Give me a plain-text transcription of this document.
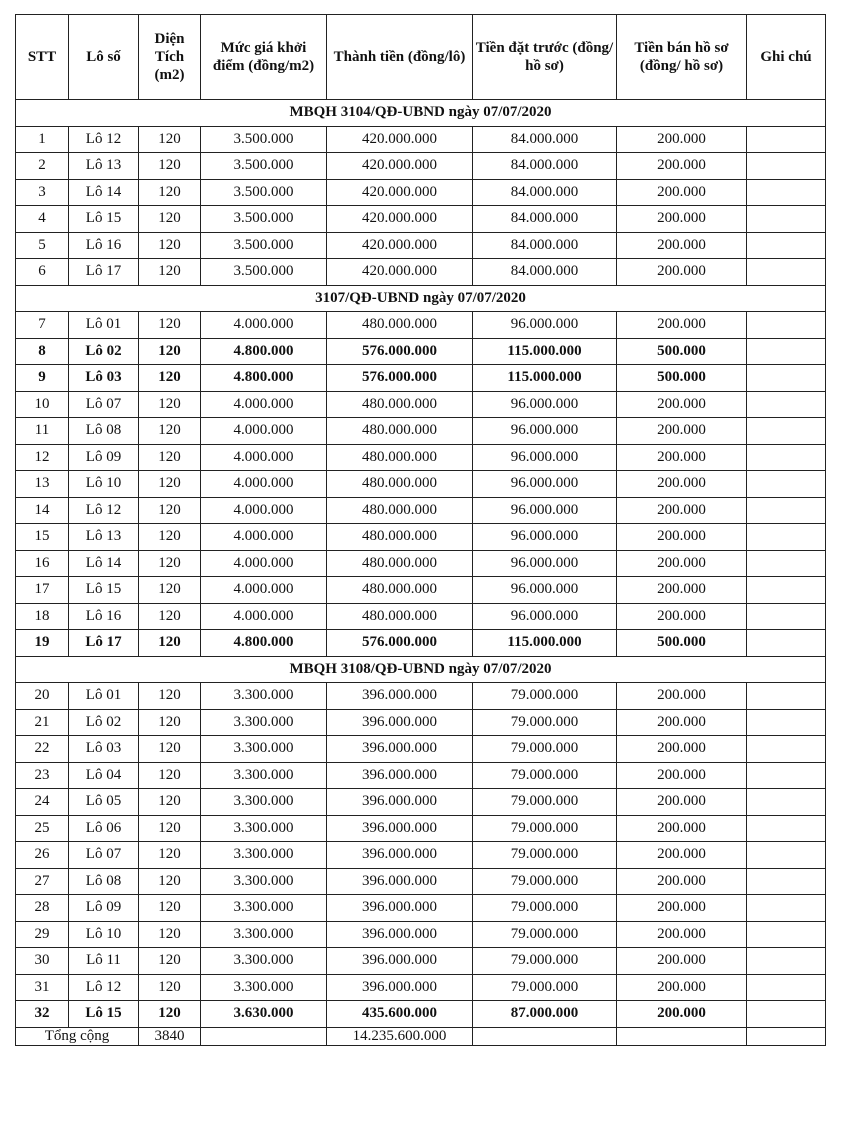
STT	Lô số	Diện Tích (m2)	Mức giá khởi điểm (đồng/m2)	Thành tiền (đồng/lô)	Tiền đặt trước (đồng/ hồ sơ)	Tiền bán hồ sơ (đồng/ hồ sơ)	Ghi chú
MBQH 3104/QĐ-UBND ngày 07/07/2020							
1	Lô 12	120	3.500.000	420.000.000	84.000.000	200.000	
2	Lô 13	120	3.500.000	420.000.000	84.000.000	200.000	
3	Lô 14	120	3.500.000	420.000.000	84.000.000	200.000	
4	Lô 15	120	3.500.000	420.000.000	84.000.000	200.000	
5	Lô 16	120	3.500.000	420.000.000	84.000.000	200.000	
6	Lô 17	120	3.500.000	420.000.000	84.000.000	200.000	
3107/QĐ-UBND ngày 07/07/2020							
7	Lô 01	120	4.000.000	480.000.000	96.000.000	200.000	
8	Lô 02	120	4.800.000	576.000.000	115.000.000	500.000	
9	Lô 03	120	4.800.000	576.000.000	115.000.000	500.000	
10	Lô 07	120	4.000.000	480.000.000	96.000.000	200.000	
11	Lô 08	120	4.000.000	480.000.000	96.000.000	200.000	
12	Lô 09	120	4.000.000	480.000.000	96.000.000	200.000	
13	Lô 10	120	4.000.000	480.000.000	96.000.000	200.000	
14	Lô 12	120	4.000.000	480.000.000	96.000.000	200.000	
15	Lô 13	120	4.000.000	480.000.000	96.000.000	200.000	
16	Lô 14	120	4.000.000	480.000.000	96.000.000	200.000	
17	Lô 15	120	4.000.000	480.000.000	96.000.000	200.000	
18	Lô 16	120	4.000.000	480.000.000	96.000.000	200.000	
19	Lô 17	120	4.800.000	576.000.000	115.000.000	500.000	
MBQH 3108/QĐ-UBND ngày 07/07/2020							
20	Lô 01	120	3.300.000	396.000.000	79.000.000	200.000	
21	Lô 02	120	3.300.000	396.000.000	79.000.000	200.000	
22	Lô 03	120	3.300.000	396.000.000	79.000.000	200.000	
23	Lô 04	120	3.300.000	396.000.000	79.000.000	200.000	
24	Lô 05	120	3.300.000	396.000.000	79.000.000	200.000	
25	Lô 06	120	3.300.000	396.000.000	79.000.000	200.000	
26	Lô 07	120	3.300.000	396.000.000	79.000.000	200.000	
27	Lô 08	120	3.300.000	396.000.000	79.000.000	200.000	
28	Lô 09	120	3.300.000	396.000.000	79.000.000	200.000	
29	Lô 10	120	3.300.000	396.000.000	79.000.000	200.000	
30	Lô 11	120	3.300.000	396.000.000	79.000.000	200.000	
31	Lô 12	120	3.300.000	396.000.000	79.000.000	200.000	
32	Lô 15	120	3.630.000	435.600.000	87.000.000	200.000	
Tổng cộng		3840		14.235.600.000			
